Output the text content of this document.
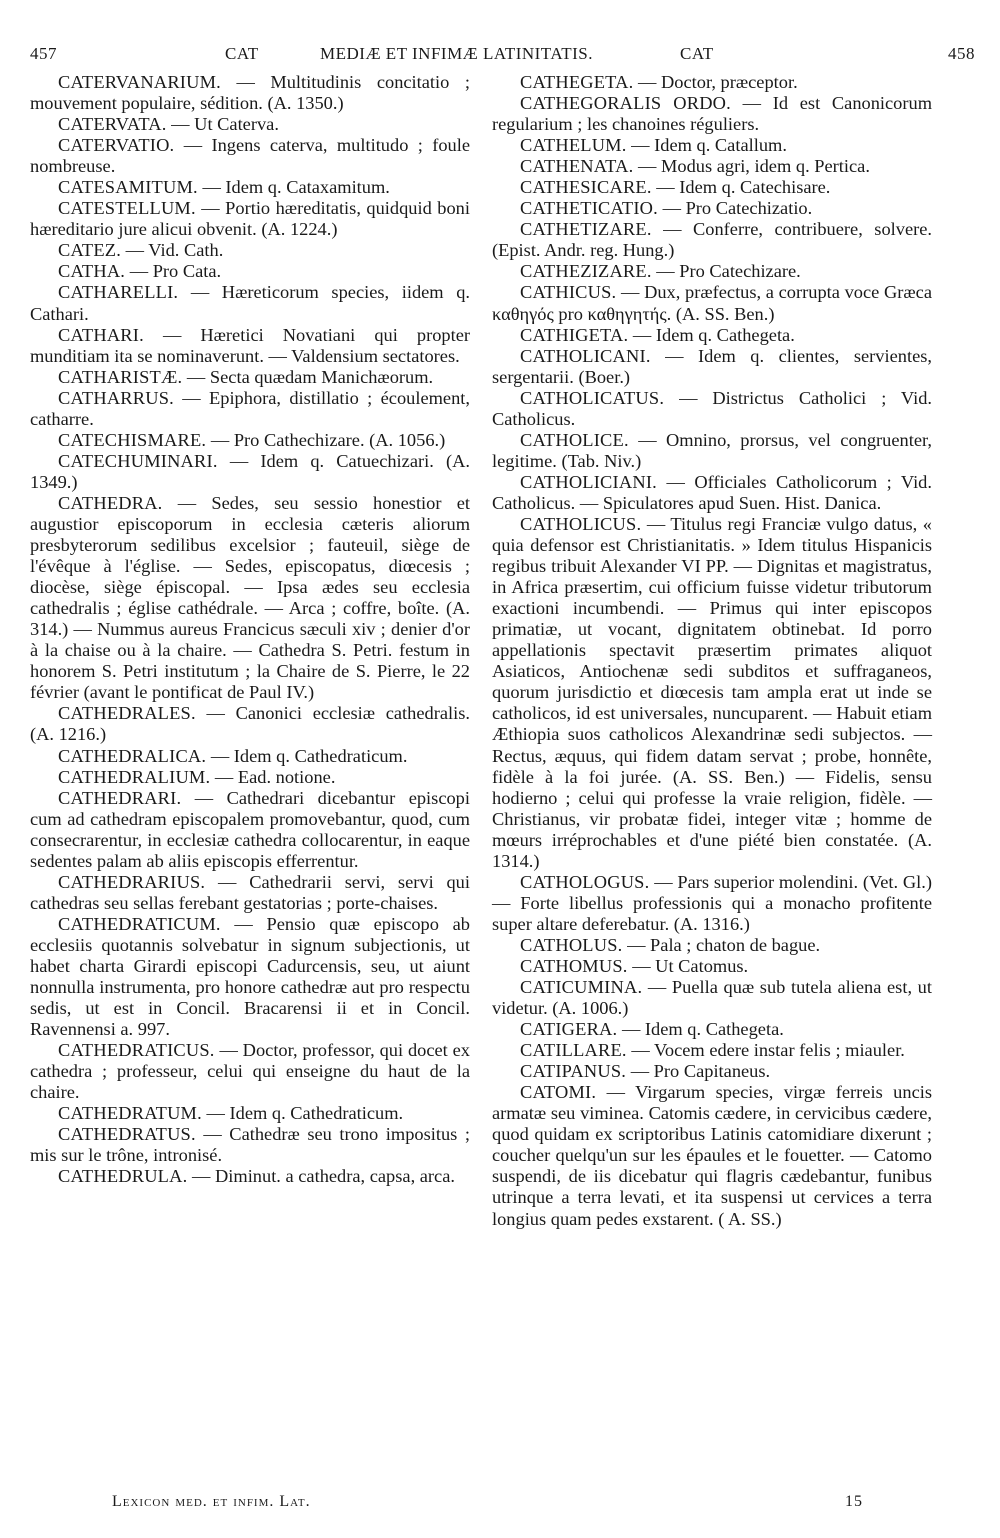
457	CAT	MEDIÆ ET INFIMÆ LATINITATIS.	CAT	458

CATERVANARIUM. — Multitudinis concitatio ; mouvement populaire, sédition. (A. 1350.)

CATERVATA. — Ut Caterva.

CATERVATIO. — Ingens caterva, multitudo ; foule nombreuse.

CATESAMITUM. — Idem q. Cataxamitum.

CATESTELLUM. — Portio hæreditatis, quidquid boni hæreditario jure alicui obvenit. (A. 1224.)

CATEZ. — Vid. Cath.

CATHA. — Pro Cata.

CATHARELLI. — Hæreticorum species, iidem q. Cathari.

CATHARI. — Hæretici Novatiani qui propter munditiam ita se nominaverunt. — Valdensium sectatores.

CATHARISTÆ. — Secta quædam Manichæorum.

CATHARRUS. — Epiphora, distillatio ; écoulement, catharre.

CATECHISMARE. — Pro Cathechizare. (A. 1056.)

CATECHUMINARI. — Idem q. Catuechizari. (A. 1349.)

CATHEDRA. — Sedes, seu sessio honestior et augustior episcoporum in ecclesia cæteris aliorum presbyterorum sedilibus excelsior ; fauteuil, siège de l'évêque à l'église. — Sedes, episcopatus, diœcesis ; diocèse, siège épiscopal. — Ipsa ædes seu ecclesia cathedralis ; église cathédrale. — Arca ; coffre, boîte. (A. 314.) — Nummus aureus Francicus sæculi xiv ; denier d'or à la chaise ou à la chaire. — Cathedra S. Petri. festum in honorem S. Petri institutum ; la Chaire de S. Pierre, le 22 février (avant le pontificat de Paul IV.)

CATHEDRALES. — Canonici ecclesiæ cathedralis. (A. 1216.)

CATHEDRALICA. — Idem q. Cathedraticum.

CATHEDRALIUM. — Ead. notione.

CATHEDRARI. — Cathedrari dicebantur episcopi cum ad cathedram episcopalem promovebantur, quod, cum consecrarentur, in ecclesiæ cathedra collocarentur, in eaque sedentes palam ab aliis episcopis efferrentur.

CATHEDRARIUS. — Cathedrarii servi, servi qui cathedras seu sellas ferebant gestatorias ; porte-chaises.

CATHEDRATICUM. — Pensio quæ episcopo ab ecclesiis quotannis solvebatur in signum subjectionis, ut habet charta Girardi episcopi Cadurcensis, seu, ut aiunt nonnulla instrumenta, pro honore cathedræ aut pro respectu sedis, ut est in Concil. Bracarensi ii et in Concil. Ravennensi a. 997.

CATHEDRATICUS. — Doctor, professor, qui docet ex cathedra ; professeur, celui qui enseigne du haut de la chaire.

CATHEDRATUM. — Idem q. Cathedraticum.

CATHEDRATUS. — Cathedræ seu trono impositus ; mis sur le trône, intronisé.

CATHEDRULA. — Diminut. a cathedra, capsa, arca.

CATHEGETA. — Doctor, præceptor.

CATHEGORALIS ORDO. — Id est Canonicorum regularium ; les chanoines réguliers.

CATHELUM. — Idem q. Catallum.

CATHENATA. — Modus agri, idem q. Pertica.

CATHESICARE. — Idem q. Catechisare.

CATHETICATIO. — Pro Catechizatio.

CATHETIZARE. — Conferre, contribuere, solvere. (Epist. Andr. reg. Hung.)

CATHEZIZARE. — Pro Catechizare.

CATHICUS. — Dux, præfectus, a corrupta voce Græca καθηγός pro καθηγητής. (A. SS. Ben.)

CATHIGETA. — Idem q. Cathegeta.

CATHOLICANI. — Idem q. clientes, servientes, sergentarii. (Boer.)

CATHOLICATUS. — Districtus Catholici ; Vid. Catholicus.

CATHOLICE. — Omnino, prorsus, vel congruenter, legitime. (Tab. Niv.)

CATHOLICIANI. — Officiales Catholicorum ; Vid. Catholicus. — Spiculatores apud Suen. Hist. Danica.

CATHOLICUS. — Titulus regi Franciæ vulgo datus, « quia defensor est Christianitatis. » Idem titulus Hispanicis regibus tribuit Alexander VI PP. — Dignitas et magistratus, in Africa præsertim, cui officium fuisse videtur tributorum exactioni incumbendi. — Primus qui inter episcopos primatiæ, ut vocant, dignitatem obtinebat. Id porro appellationis spectavit præsertim primates aliquot Asiaticos, Antiochenæ sedi subditos et suffraganeos, quorum jurisdictio et diœcesis tam ampla erat ut inde se catholicos, id est universales, nuncuparent. — Habuit etiam Æthiopia suos catholicos Alexandrinæ sedi subjectos. — Rectus, æquus, qui fidem datam servat ; probe, honnête, fidèle à la foi jurée. (A. SS. Ben.) — Fidelis, sensu hodierno ; celui qui professe la vraie religion, fidèle. — Christianus, vir probatæ fidei, integer vitæ ; homme de mœurs irréprochables et d'une piété bien constatée. (A. 1314.)

CATHOLOGUS. — Pars superior molendini. (Vet. Gl.) — Forte libellus professionis qui a monacho profitente super altare deferebatur. (A. 1316.)

CATHOLUS. — Pala ; chaton de bague.

CATHOMUS. — Ut Catomus.

CATICUMINA. — Puella quæ sub tutela aliena est, ut videtur. (A. 1006.)

CATIGERA. — Idem q. Cathegeta.

CATILLARE. — Vocem edere instar felis ; miauler.

CATIPANUS. — Pro Capitaneus.

CATOMI. — Virgarum species, virgæ ferreis uncis armatæ seu viminea. Catomis cædere, in cervicibus cædere, quod quidam ex scriptoribus Latinis catomidiare dixerunt ; coucher quelqu'un sur les épaules et le fouetter. — Catomo suspendi, de iis dicebatur qui flagris cædebantur, funibus utrinque a terra levati, et ita suspensi ut cervices a terra longius quam pedes exstarent. ( A. SS.)

Lexicon med. et infim. Lat.	15
